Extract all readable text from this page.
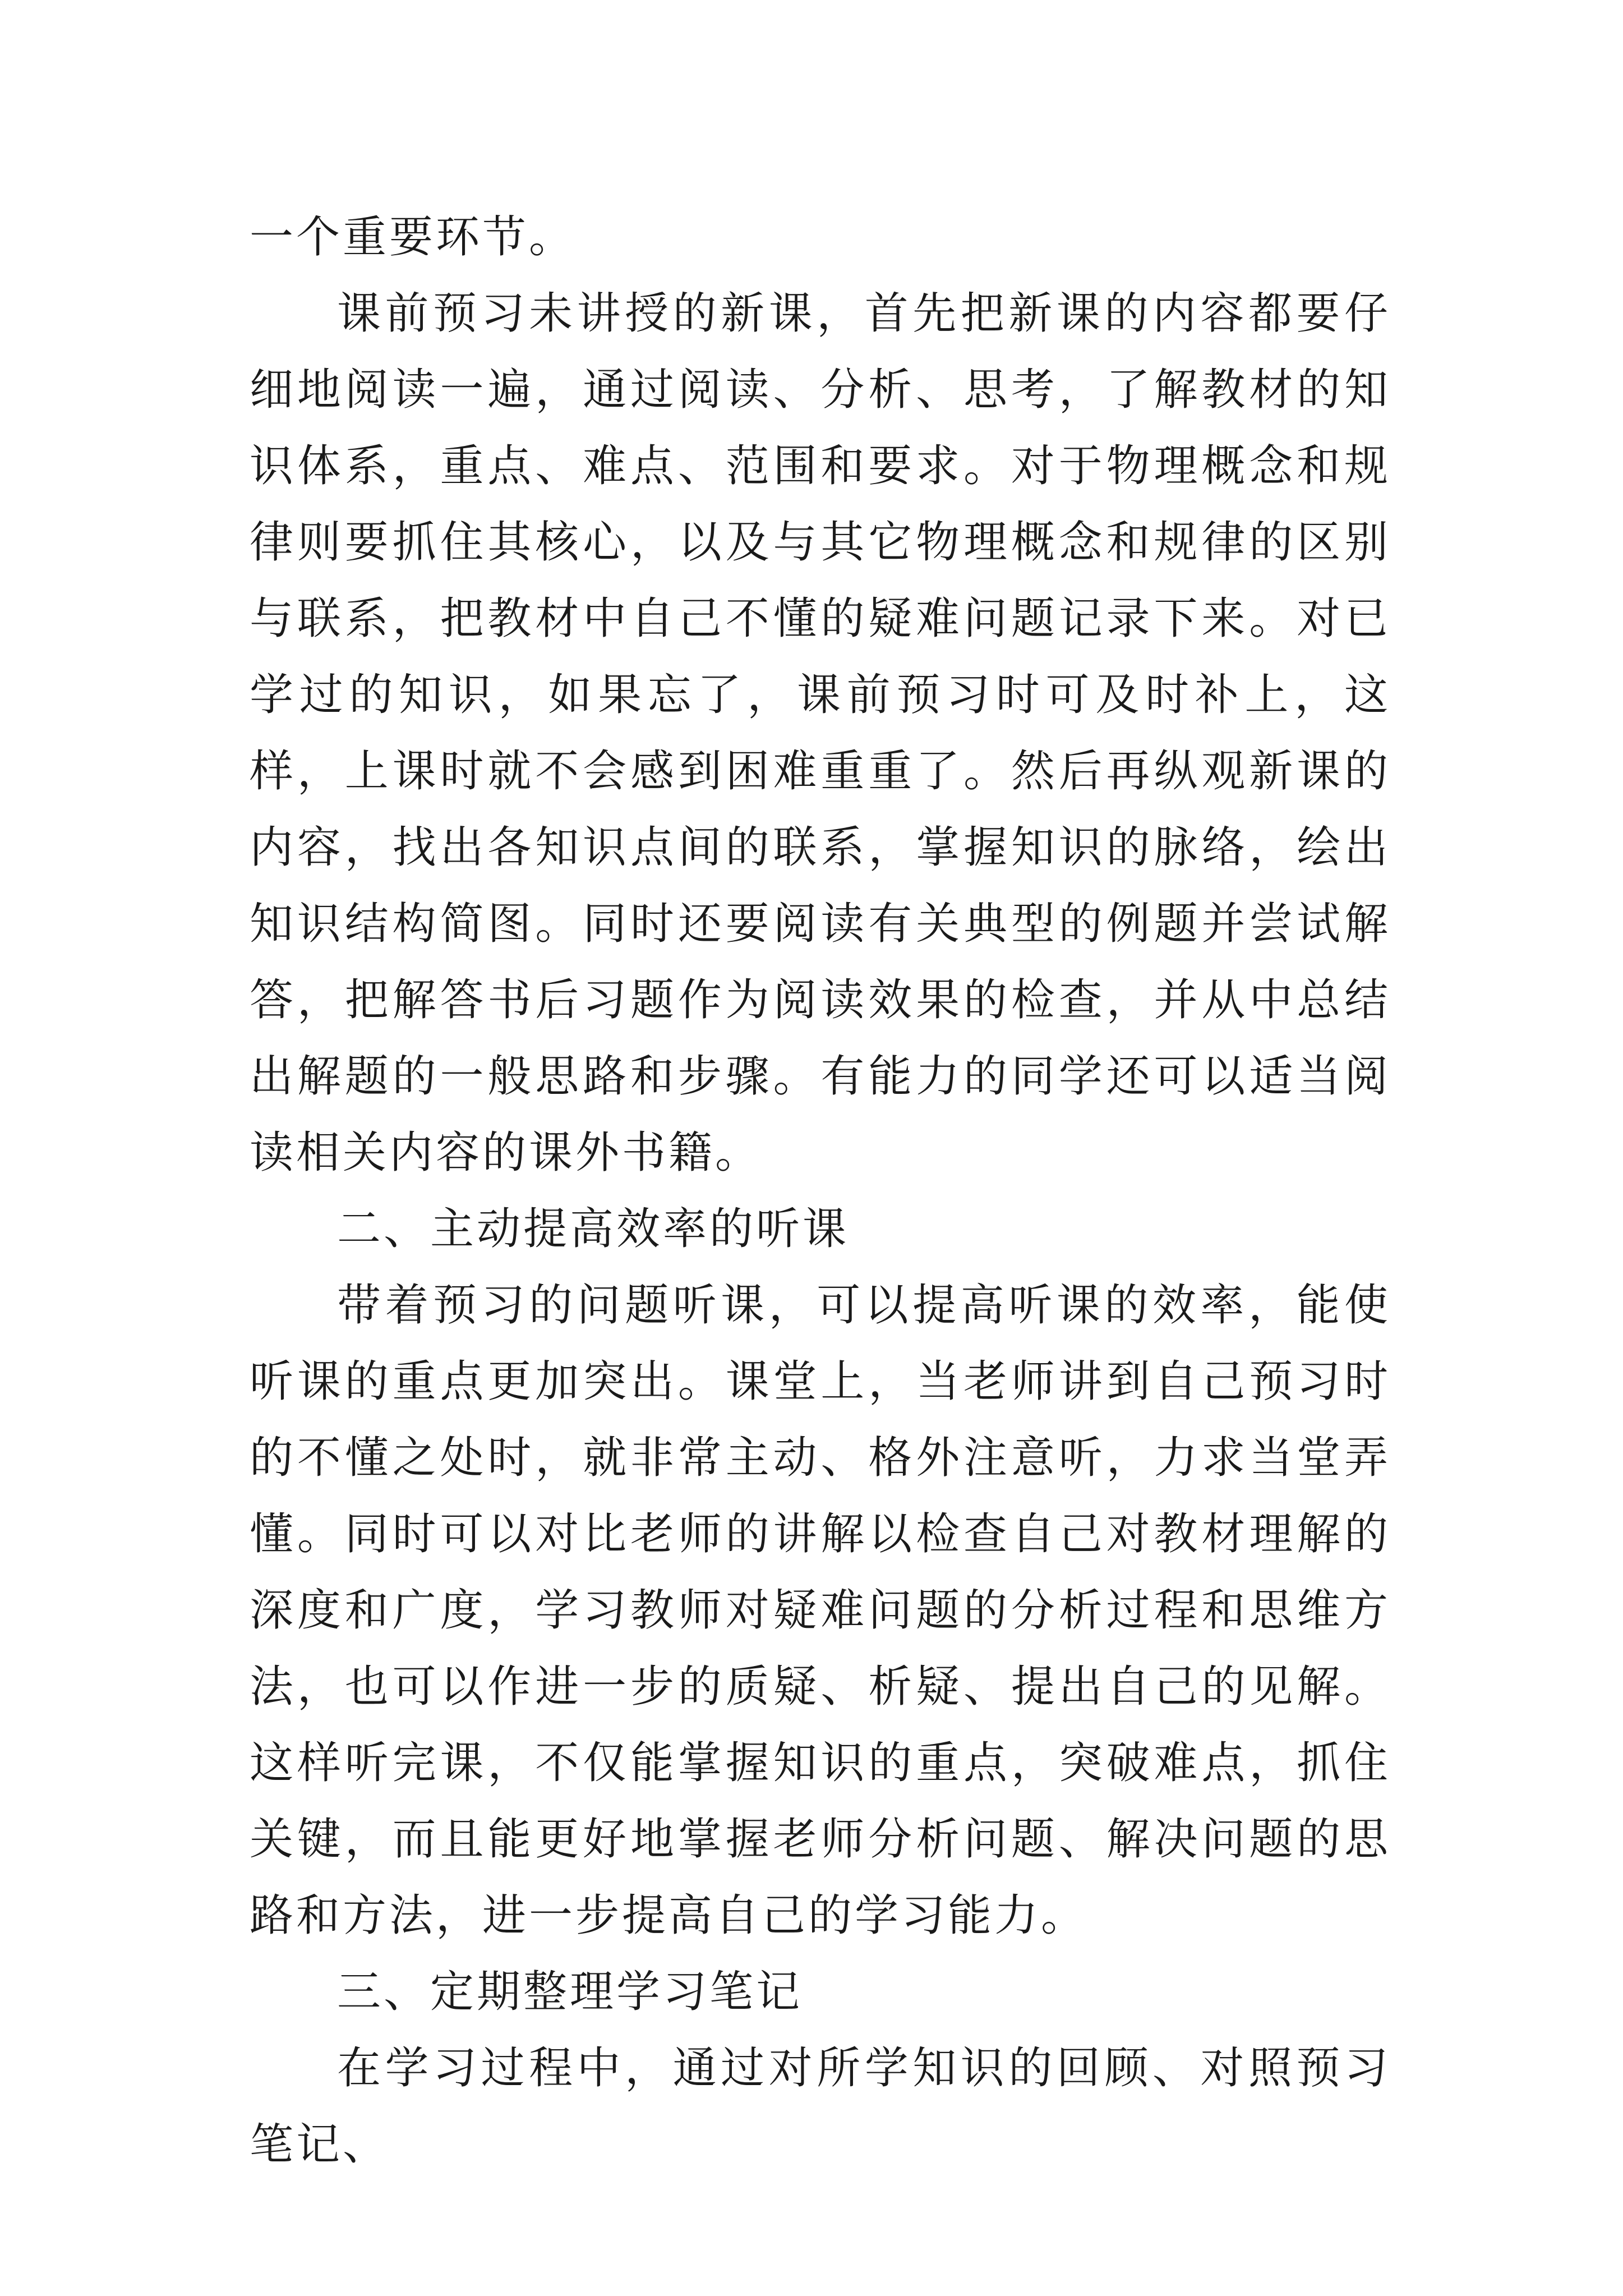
一个重要环节。

课前预习未讲授的新课，首先把新课的内容都要仔细地阅读一遍，通过阅读、分析、思考，了解教材的知识体系，重点、难点、范围和要求。对于物理概念和规律则要抓住其核心，以及与其它物理概念和规律的区别与联系，把教材中自己不懂的疑难问题记录下来。对已学过的知识，如果忘了，课前预习时可及时补上，这样，上课时就不会感到困难重重了。然后再纵观新课的内容，找出各知识点间的联系，掌握知识的脉络，绘出知识结构简图。同时还要阅读有关典型的例题并尝试解答，把解答书后习题作为阅读效果的检查，并从中总结出解题的一般思路和步骤。有能力的同学还可以适当阅读相关内容的课外书籍。

二、主动提高效率的听课

带着预习的问题听课，可以提高听课的效率，能使听课的重点更加突出。课堂上，当老师讲到自己预习时的不懂之处时，就非常主动、格外注意听，力求当堂弄懂。同时可以对比老师的讲解以检查自己对教材理解的深度和广度，学习教师对疑难问题的分析过程和思维方法，也可以作进一步的质疑、析疑、提出自己的见解。这样听完课，不仅能掌握知识的重点，突破难点，抓住关键，而且能更好地掌握老师分析问题、解决问题的思路和方法，进一步提高自己的学习能力。

三、定期整理学习笔记

在学习过程中，通过对所学知识的回顾、对照预习笔记、
